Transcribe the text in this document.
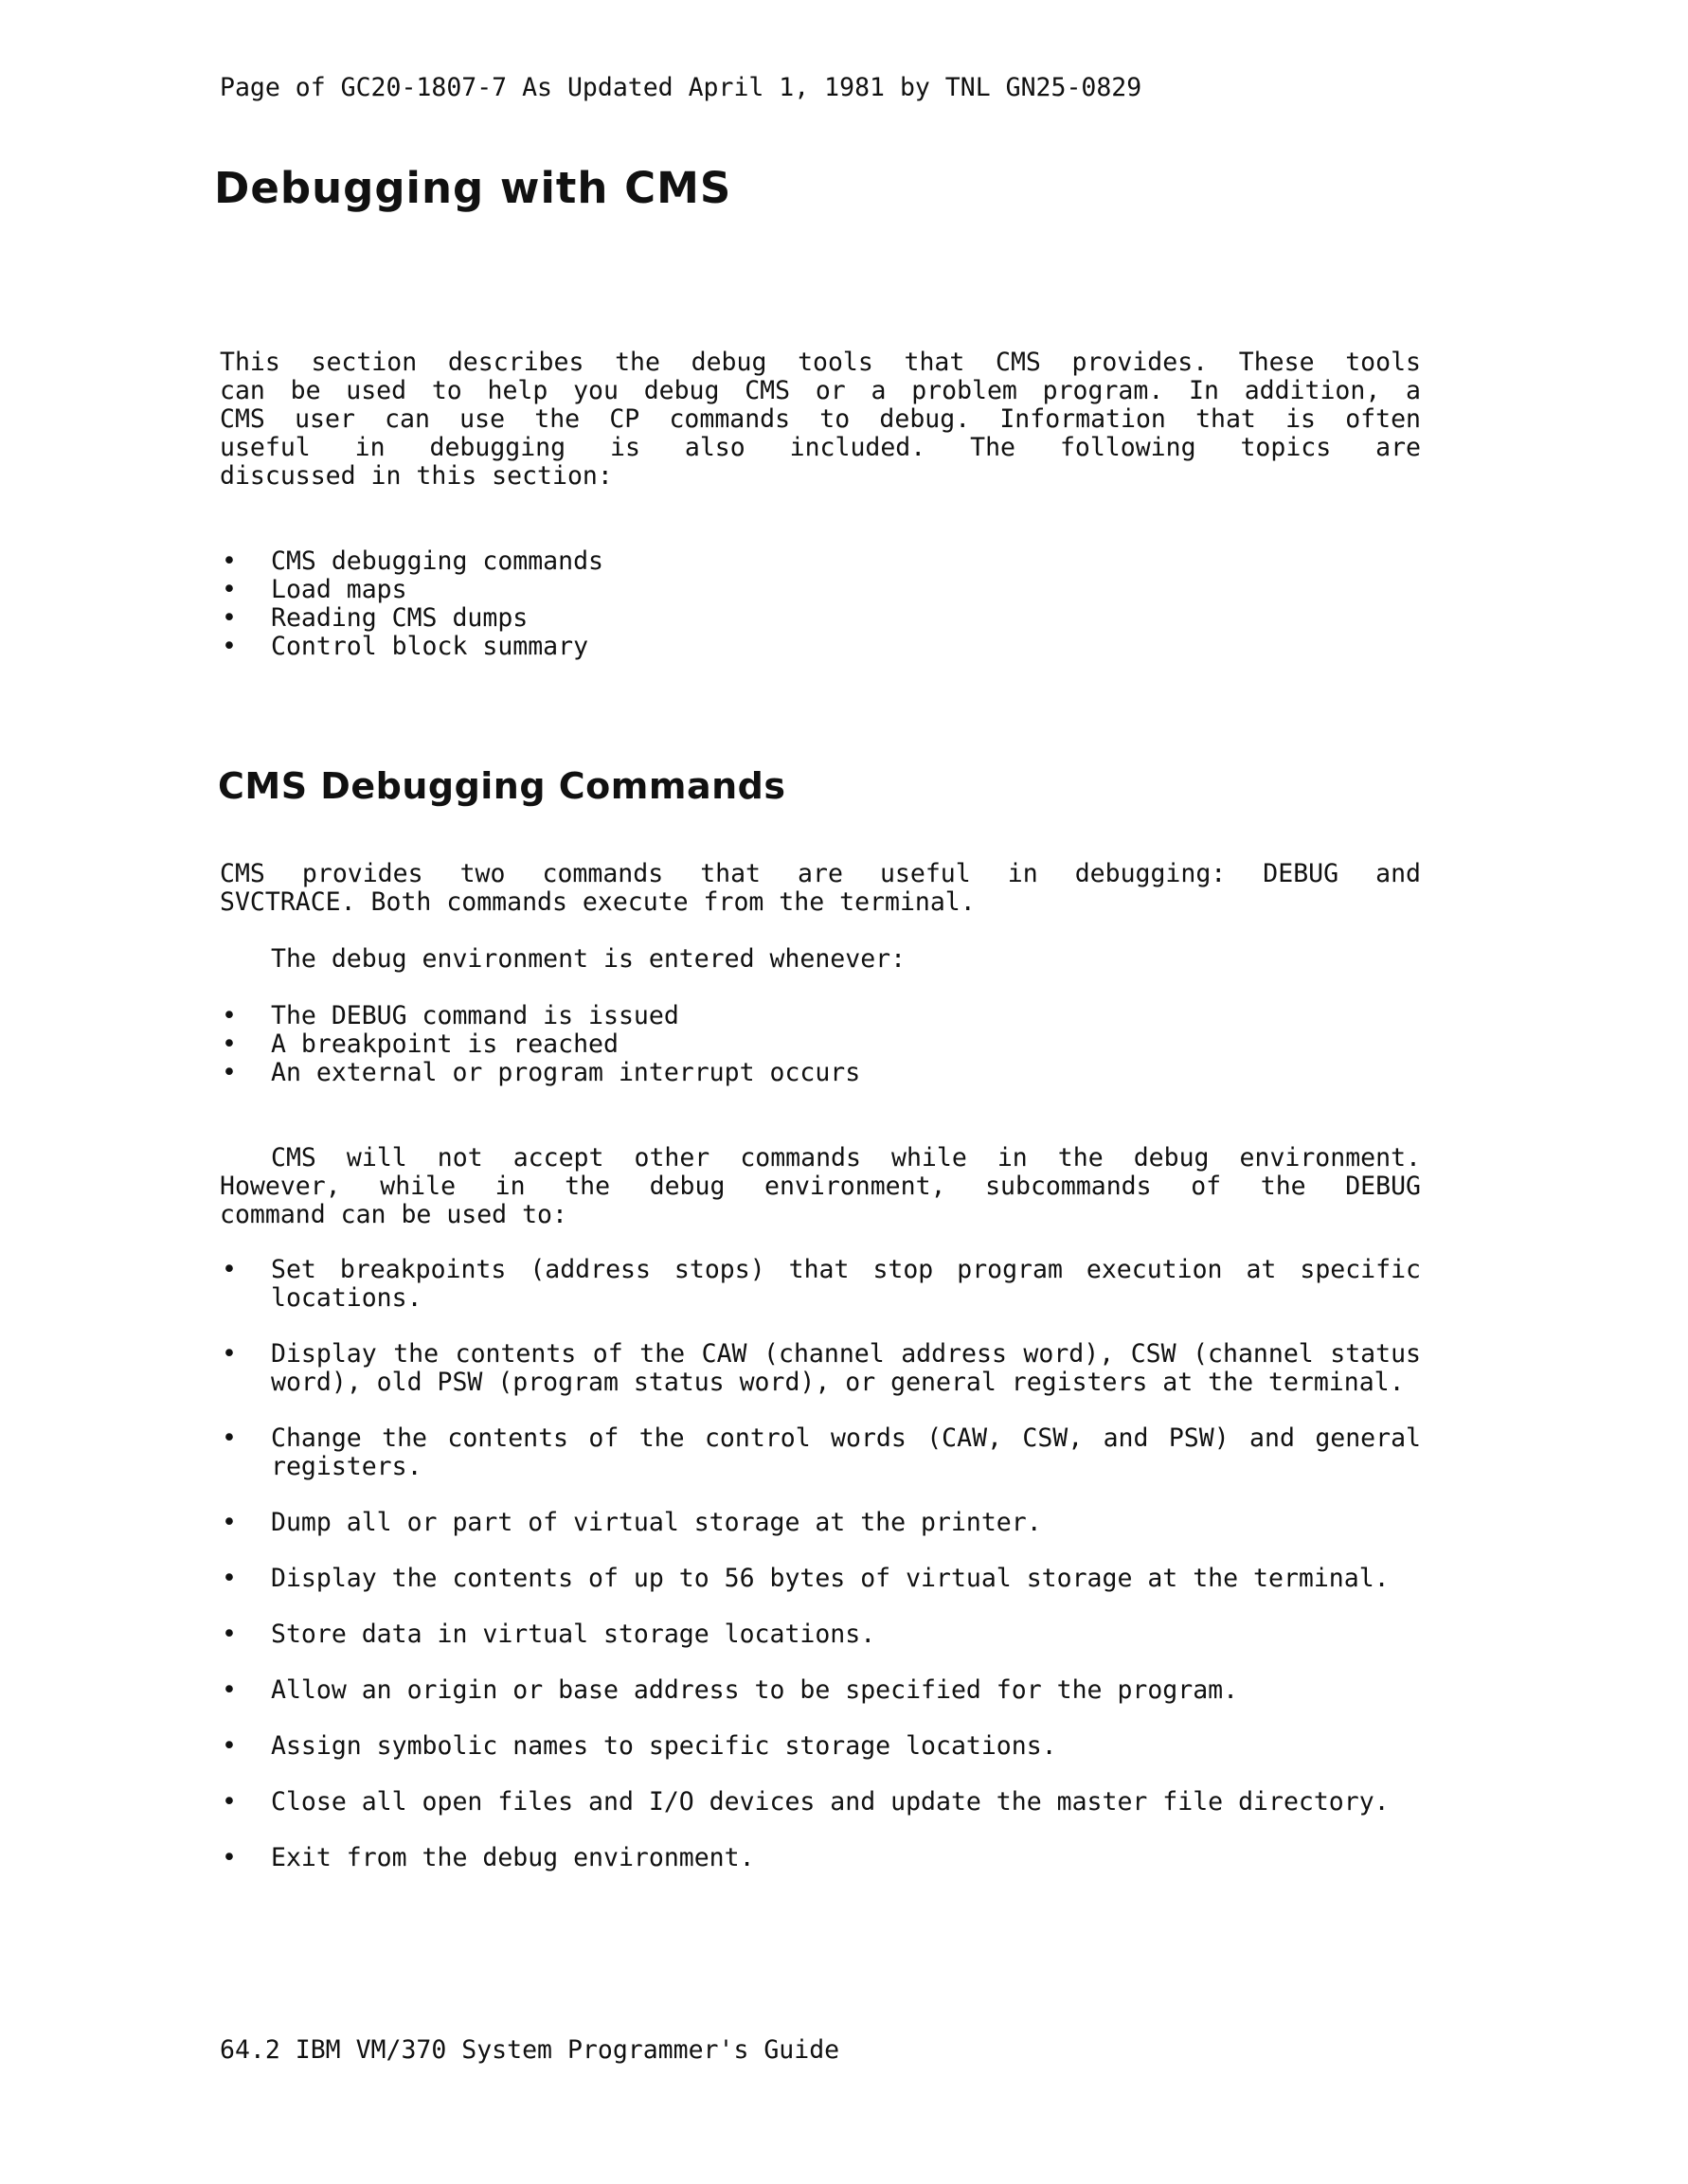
Page of GC20-1807-7 As Updated April 1, 1981 by TNL GN25-0829
Debugging with CMS
This section describes the debug tools that CMS provides. These tools
can be used to help you debug CMS or a problem program. In addition, a
CMS user can use the CP commands to debug. Information that is often
useful in debugging is also included. The following topics are
discussed in this section:
• CMS debugging commands
• Load maps
• Reading CMS dumps
• Control block summary
CMS Debugging Commands
CMS provides two commands that are useful in debugging: DEBUG and
SVCTRACE. Both commands execute from the terminal.
The debug environment is entered whenever:
• The DEBUG command is issued
• A breakpoint is reached
• An external or program interrupt occurs
CMS will not accept other commands while in the debug environment.
However, while in the debug environment, subcommands of the DEBUG
command can be used to:
• Set breakpoints (address stops) that stop program execution at specific locations.
• Display the contents of the CAW (channel address word), CSW (channel status word), old PSW (program status word), or general registers at the terminal.
• Change the contents of the control words (CAW, CSW, and PSW) and general registers.
• Dump all or part of virtual storage at the printer.
• Display the contents of up to 56 bytes of virtual storage at the terminal.
• Store data in virtual storage locations.
• Allow an origin or base address to be specified for the program.
• Assign symbolic names to specific storage locations.
• Close all open files and I/O devices and update the master file directory.
• Exit from the debug environment.
64.2 IBM VM/370 System Programmer's Guide
